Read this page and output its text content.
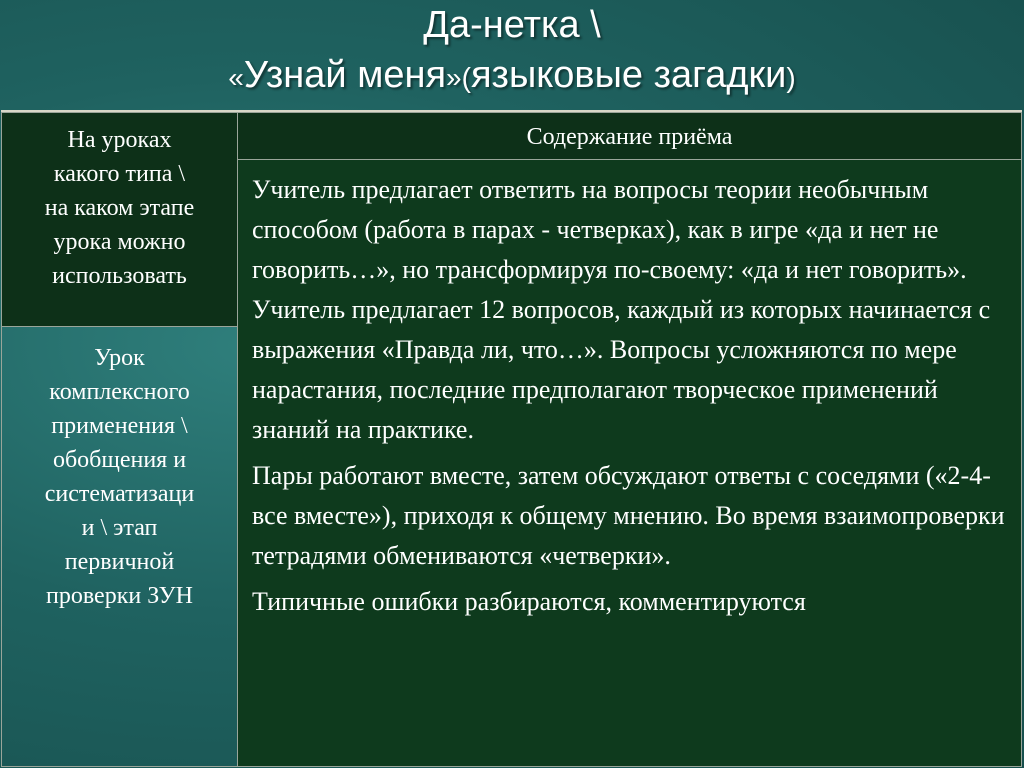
Да-нетка \
«Узнай меня»(языковые загадки)
На уроках
какого типа \
на каком этапе
урока можно
использовать
Урок
комплексного
применения \
обобщения и
систематизаци
и \ этап
первичной
проверки ЗУН
Содержание приёма

Учитель предлагает ответить на вопросы теории необычным способом (работа в парах - четверках), как в игре «да и нет не говорить…», но трансформируя по-своему: «да и нет говорить». Учитель предлагает 12 вопросов, каждый из которых начинается с выражения «Правда ли, что…». Вопросы усложняются по мере нарастания, последние предполагают творческое применений знаний на практике.

Пары работают вместе, затем обсуждают ответы с соседями («2-4-все вместе»), приходя к общему мнению. Во время взаимопроверки тетрадями обмениваются «четверки».

Типичные ошибки разбираются, комментируются
